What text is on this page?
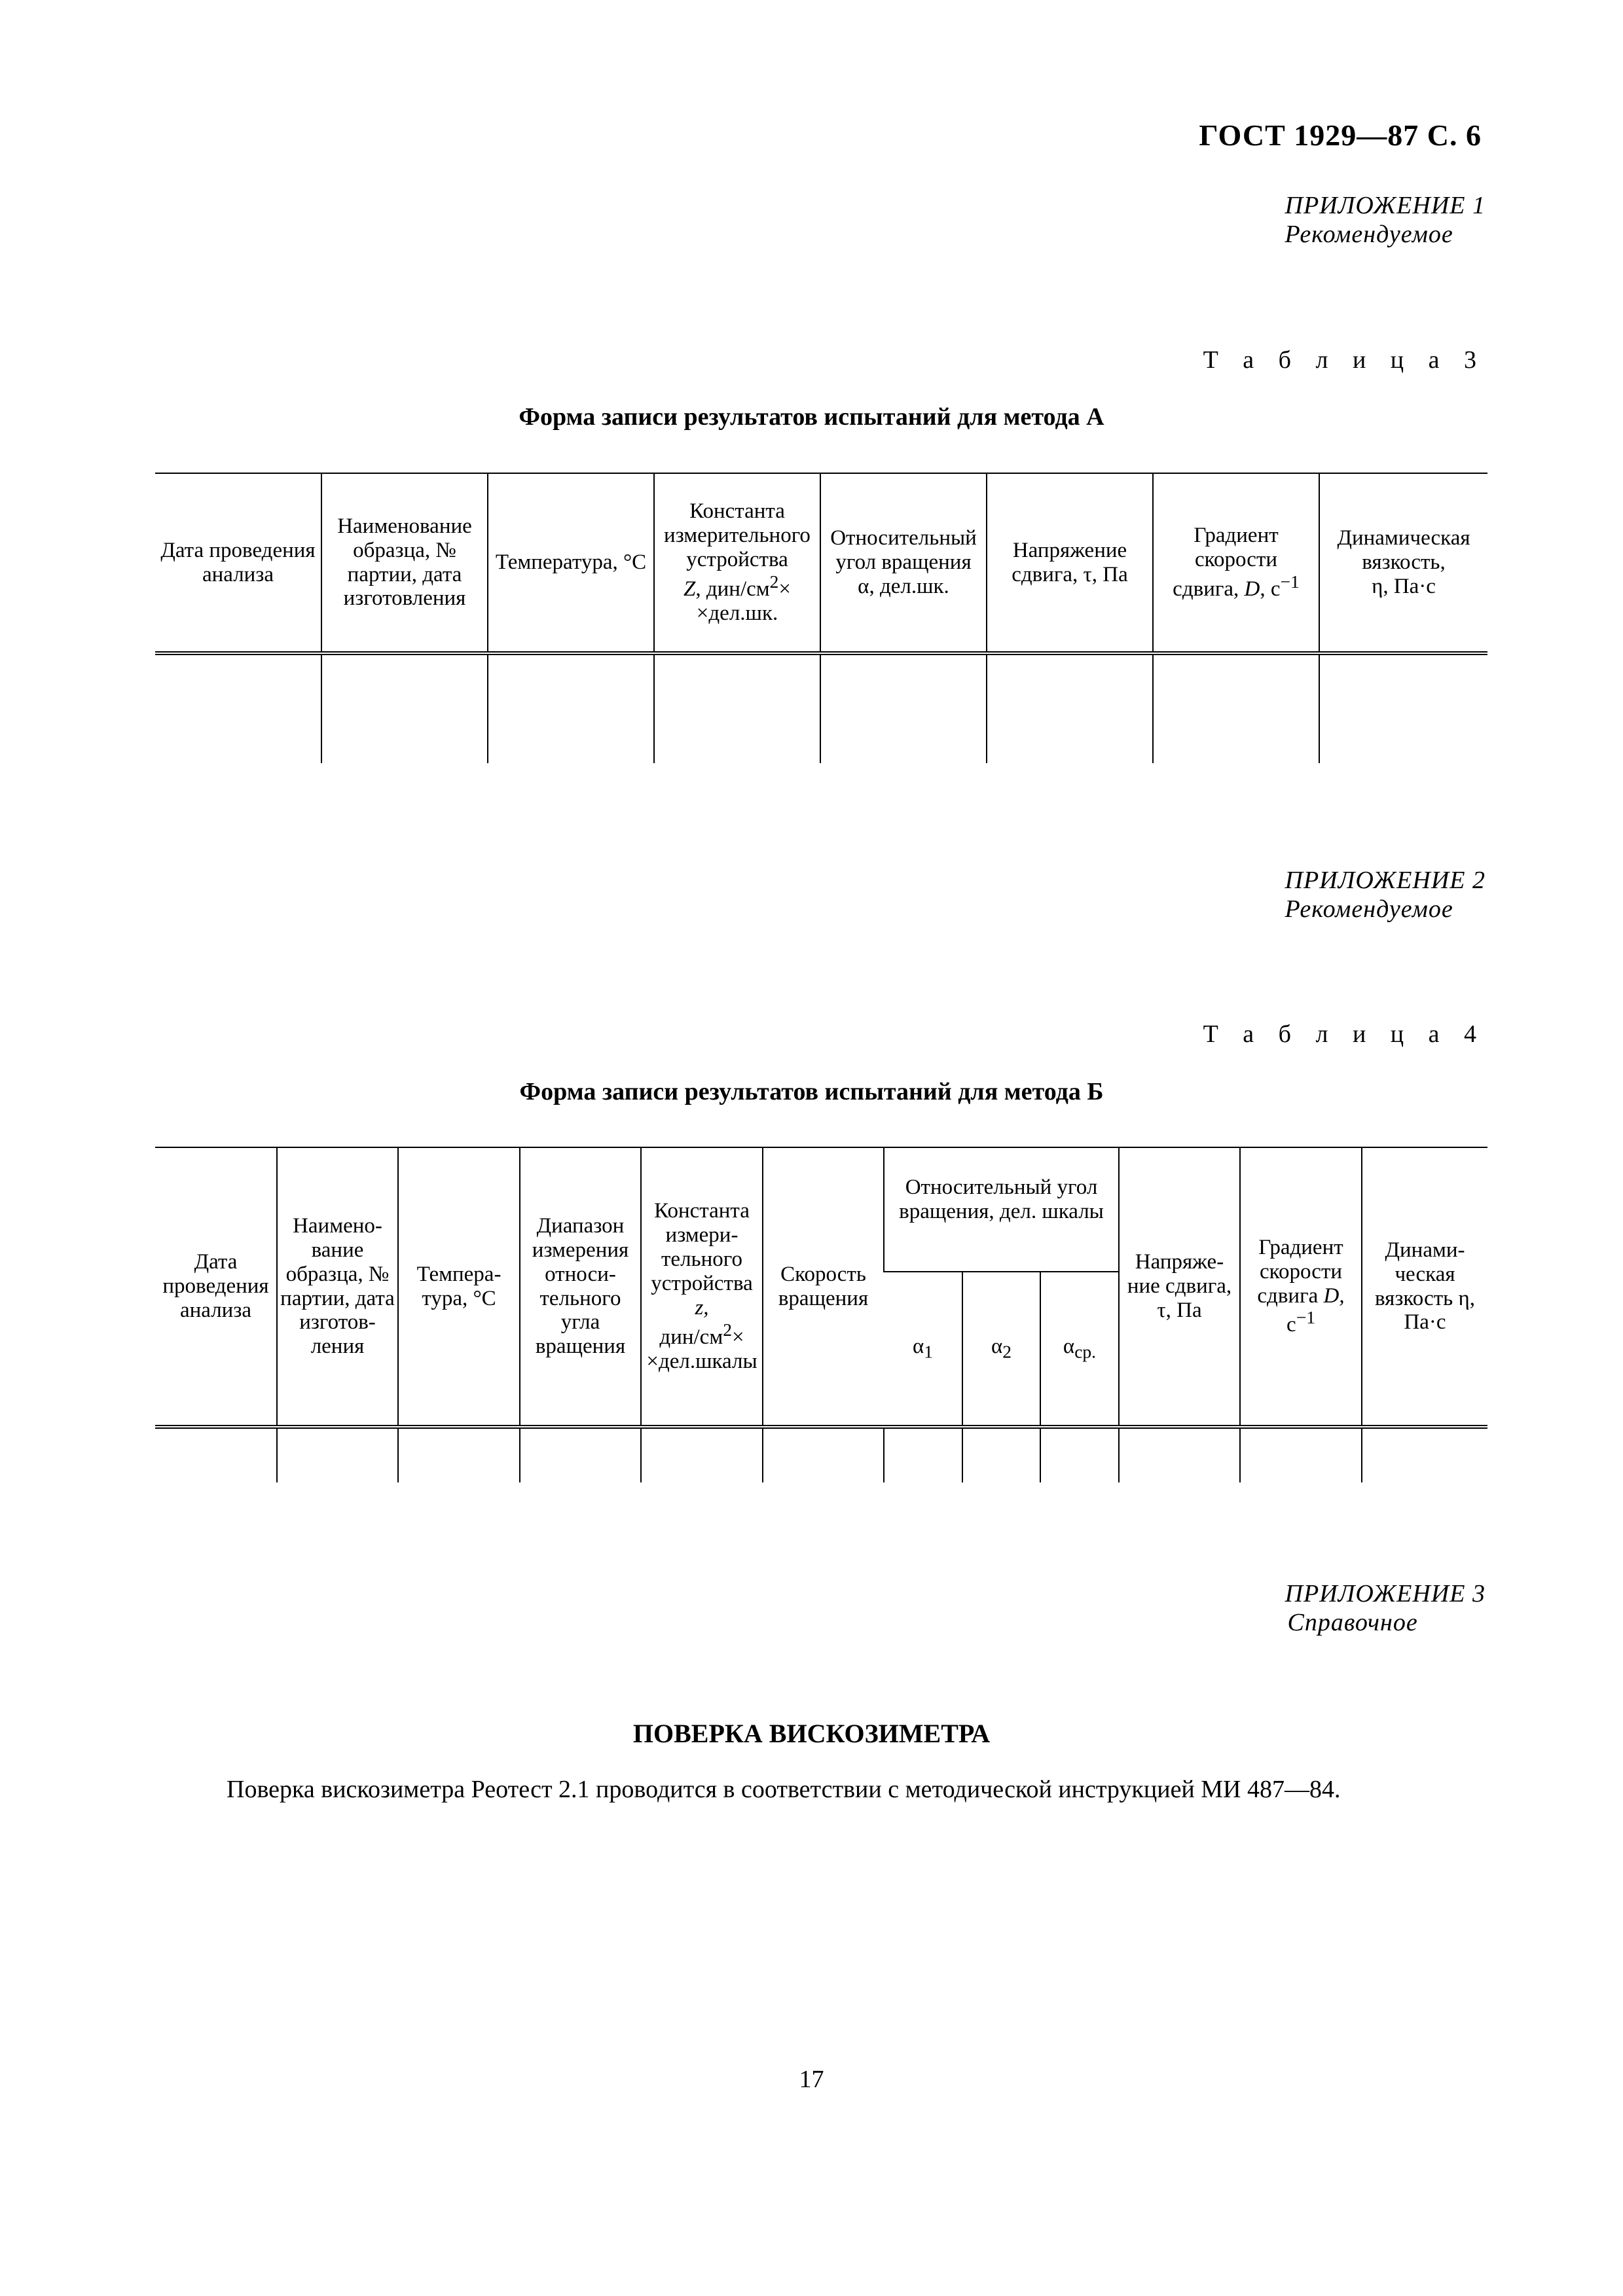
ГОСТ 1929—87 С. 6
ПРИЛОЖЕНИЕ 1
Рекомендуемое
Т а б л и ц а 3
Форма записи результатов испытаний для метода А
Дата проведения анализа	Наименование образца, № партии, дата изготовления	Температура, °С	Константа измерительного устройства
Z, дин/$см^2\times$
×дел.шк.	Относительный угол вращения
α, дел.шк.	Напряжение сдвига, τ, Па	Градиент скорости
сдвига, D, $с^{-1}$	Динамическая вязкость,
η, Па·с

ПРИЛОЖЕНИЕ 2
Рекомендуемое
Т а б л и ц а 4
Форма записи результатов испытаний для метода Б
Дата проведения анализа	Наимено- вание образца, № партии, дата изготов- ления	Темпера- тура, °С	Диапазон измерения относи- тельного угла вращения	Константа измери- тельного устройства
z,
дин/$см^2\times$
×дел.шкалы	Скорость вращения	Относительный угол вращения, дел. шкалы			Напряже- ние сдвига, τ, Па	Градиент скорости сдвига D,
$с^{-1}$	Динами- ческая вязкость η, Па·с
						$\alpha_1$	$\alpha_2$	$\alpha_{ср.}$

ПРИЛОЖЕНИЕ 3
Справочное
ПОВЕРКА ВИСКОЗИМЕТРА
Поверка вискозиметра Реотест 2.1 проводится в соответствии с методической инструкцией МИ 487—84.
17
